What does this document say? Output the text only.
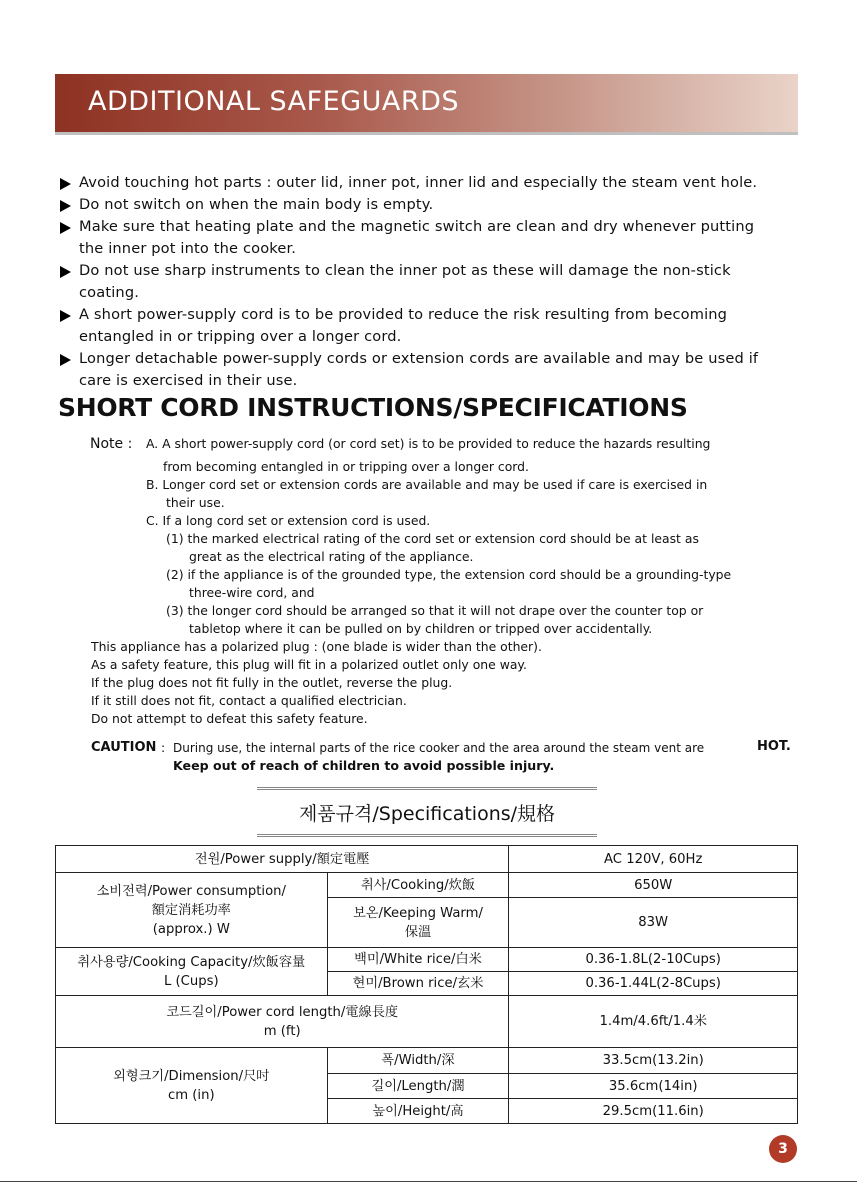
ADDITIONAL SAFEGUARDS
Avoid touching hot parts : outer lid, inner pot, inner lid and especially the steam vent hole.
Do not switch on when the main body is empty.
Make sure that heating plate and the magnetic switch are clean and dry whenever putting
the inner pot into the cooker.
Do not use sharp instruments to clean the inner pot as these will damage the non-stick
coating.
A short power-supply cord is to be provided to reduce the risk resulting from becoming
entangled in or tripping over a longer cord.
Longer detachable power-supply cords or extension cords are available and may be used if
care is exercised in their use.
SHORT CORD INSTRUCTIONS/SPECIFICATIONS
Note : A. A short power-supply cord (or cord set) is to be provided to reduce the hazards resulting
from becoming entangled in or tripping over a longer cord.
B. Longer cord set or extension cords are available and may be used if care is exercised in
their use.
C. If a long cord set or extension cord is used.
(1) the marked electrical rating of the cord set or extension cord should be at least as
great as the electrical rating of the appliance.
(2) if the appliance is of the grounded type, the extension cord should be a grounding-type
three-wire cord, and
(3) the longer cord should be arranged so that it will not drape over the counter top or
tabletop where it can be pulled on by children or tripped over accidentally.
This appliance has a polarized plug : (one blade is wider than the other).
As a safety feature, this plug will fit in a polarized outlet only one way.
If the plug does not fit fully in the outlet, reverse the plug.
If it still does not fit, contact a qualified electrician.
Do not attempt to defeat this safety feature.
CAUTION : During use, the internal parts of the rice cooker and the area around the steam vent are	HOT.
Keep out of reach of children to avoid possible injury.
제품규격/Specifications/規格
전원/Power supply/額定電壓		AC 120V, 60Hz

소비전력/Power consumption/
額定消耗功率
(approx.) W	취사/Cooking/炊飯	650W

	보온/Keeping Warm/
保溫	83W

취사용량/Cooking Capacity/炊飯容量
L (Cups)	백미/White rice/白米	0.36-1.8L(2-10Cups)
	현미/Brown rice/玄米	0.36-1.44L(2-8Cups)

코드길이/Power cord length/電線長度
m (ft)		1.4m/4.6ft/1.4米

외형크기/Dimension/尺吋
cm (in)	폭/Width/深	33.5cm(13.2in)
	길이/Length/濶	35.6cm(14in)
	높이/Height/高	29.5cm(11.6in)
3
